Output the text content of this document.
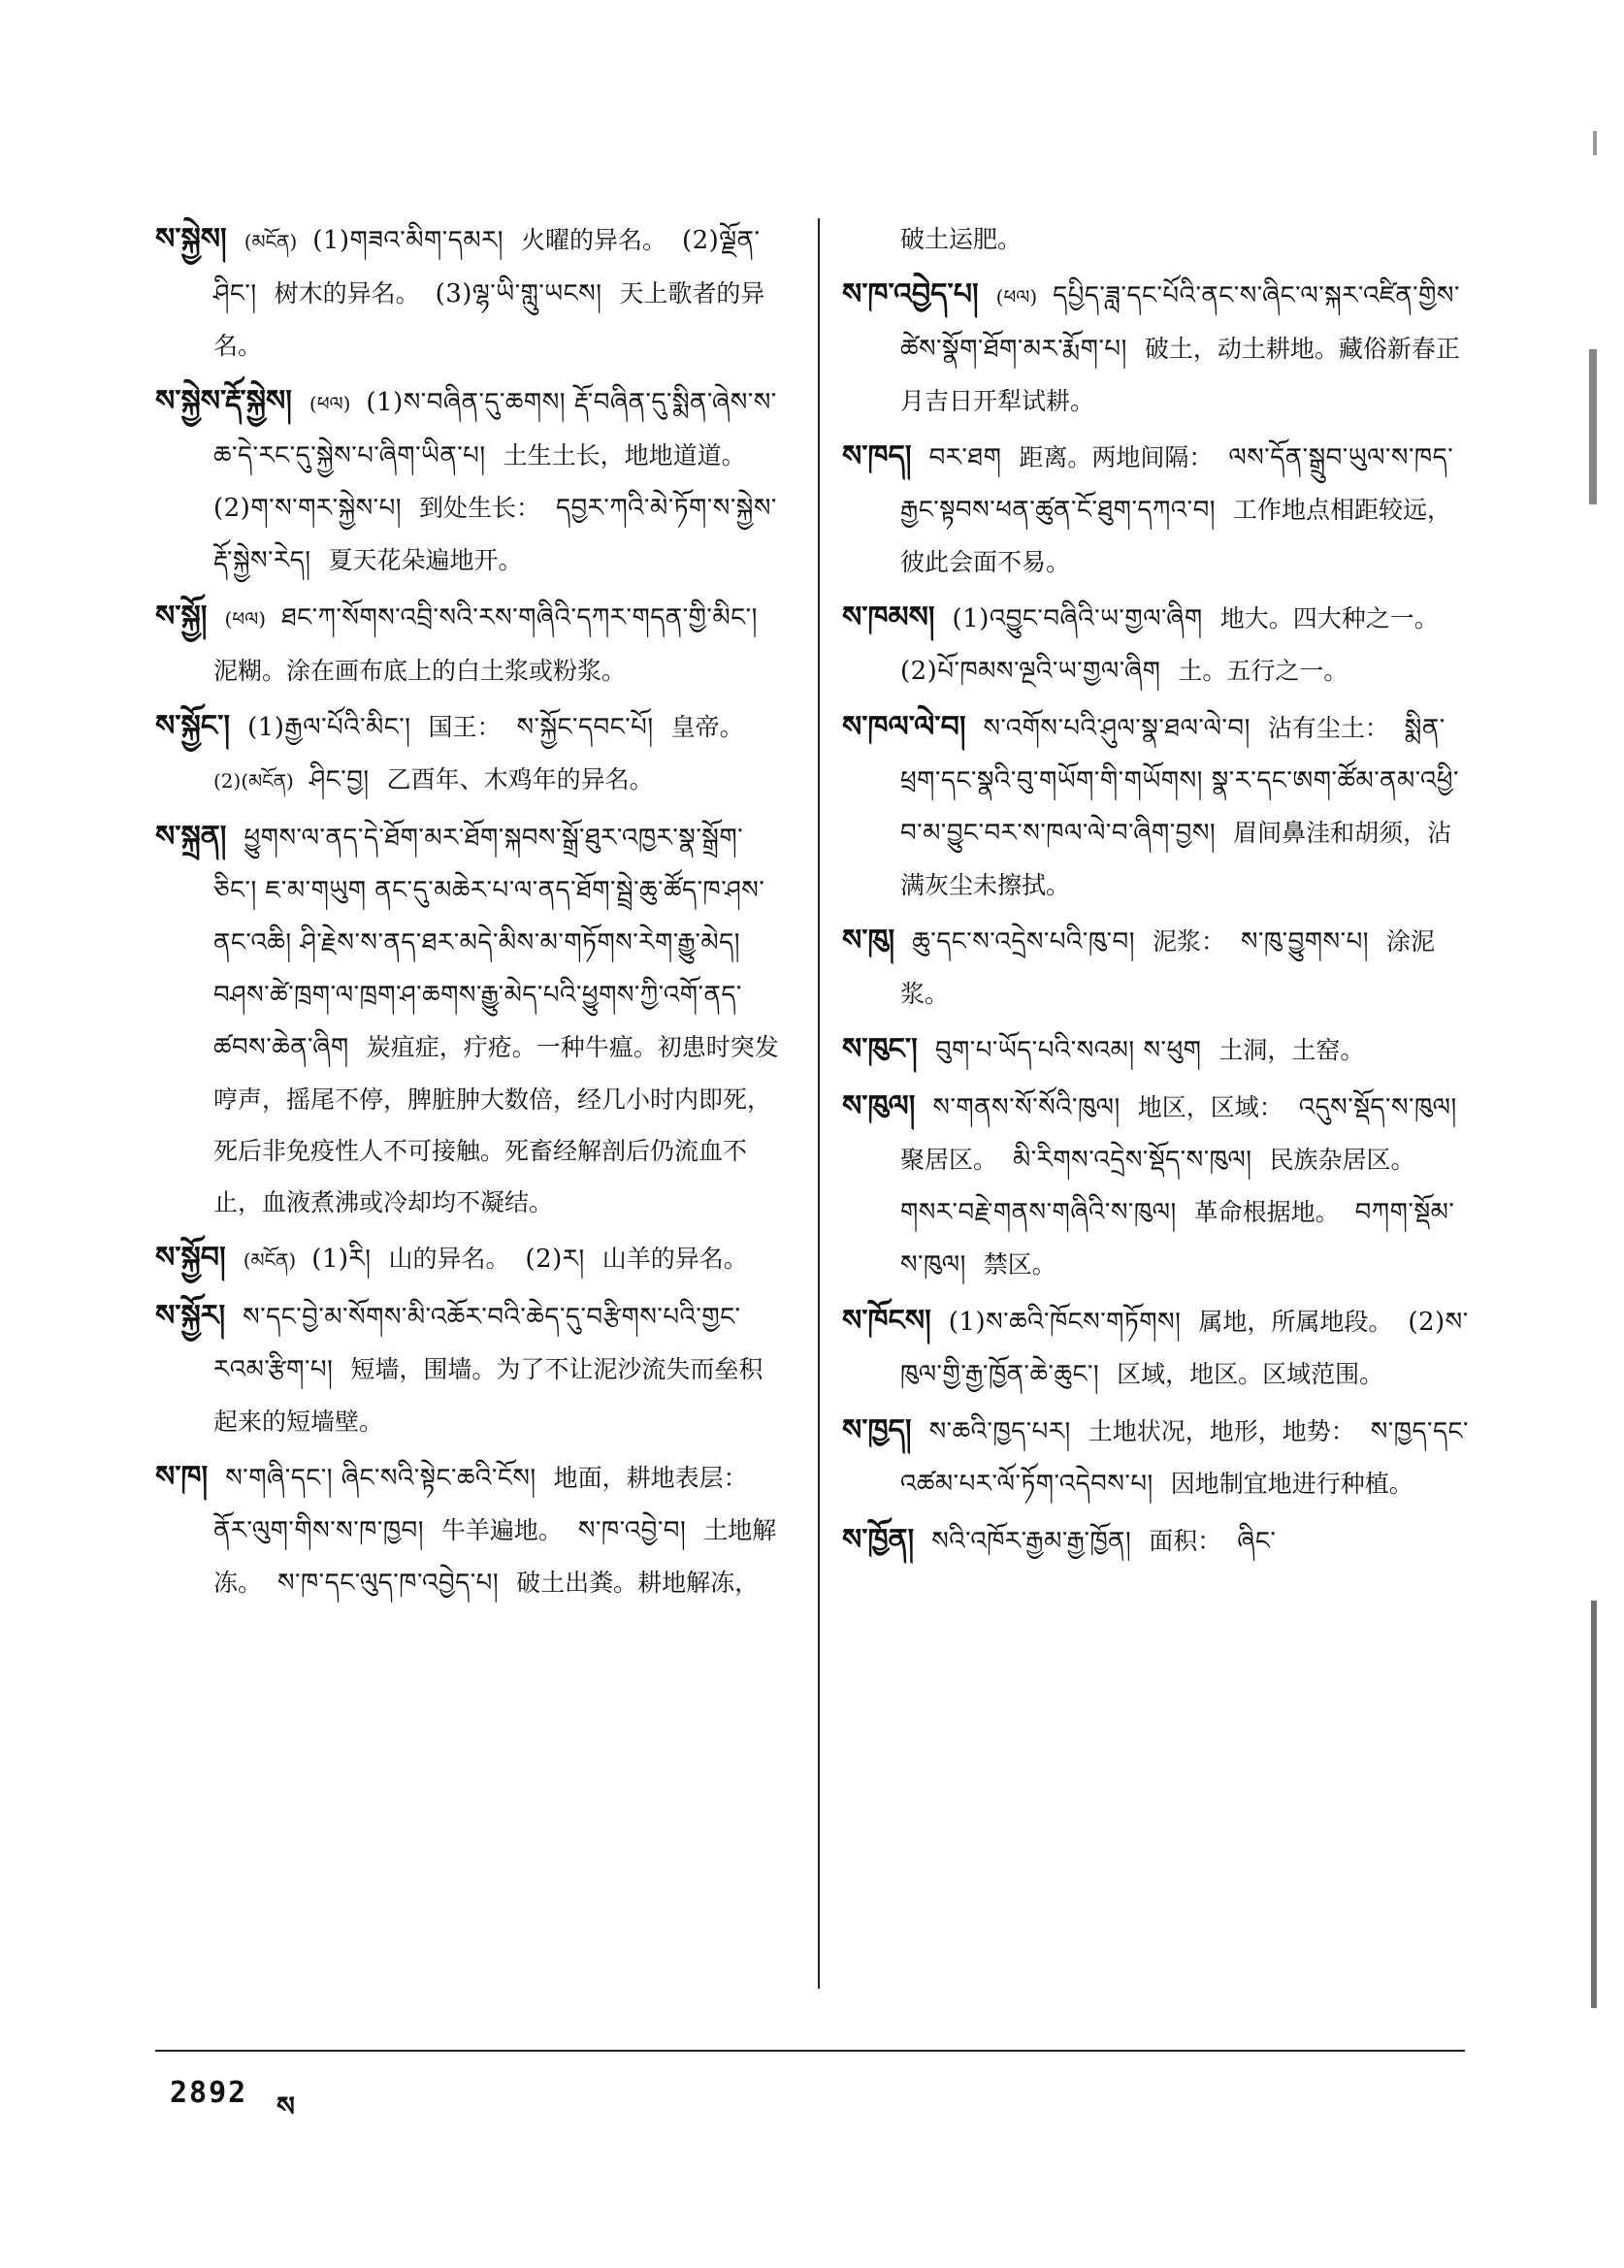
ས་སྐྱེས། (མངོན) (1)གཟའ་མིག་དམར། 火曜的异名。 (2)ལྗོན་ཤིང་། 树木的异名。 (3)ལྷ་ཡི་གླུ་ཡངས། 天上歌者的异名。
ས་སྐྱེས་རྡོ་སྐྱེས། (ཕལ) (1)ས་བཞིན་དུ་ཆགས། རྡོ་བཞིན་དུ་སྨིན་ཞེས་ས་ཆ་དེ་རང་དུ་སྐྱེས་པ་ཞིག་ཡིན་པ། 土生土长，地地道道。 (2)ག་ས་གར་སྐྱེས་པ། 到处生长： དབྱར་ཀའི་མེ་ཏོག་ས་སྐྱེས་རྡོ་སྐྱེས་རེད། 夏天花朵遍地开。
ས་སྐྱོ། (ཕལ) ཐང་ཀ་སོགས་འབྲི་སའི་རས་གཞིའི་དཀར་གདན་གྱི་མིང་། 泥糊。涂在画布底上的白土浆或粉浆。
ས་སྐྱོང་། (1)རྒྱལ་པོའི་མིང་། 国王： ས་སྐྱོང་དབང་པོ། 皇帝。 (2)(མངོན) ཤིང་བྱ། 乙酉年、木鸡年的异名。
ས་སྐྲན། ཕྱུགས་ལ་ནད་དེ་ཐོག་མར་ཐོག་སྐབས་སྒྲོ་ཐུར་འཁྱར་སྣ་སྒྲོག་ཅིང་། ཇ་མ་གཡུག ནང་དུ་མཆེར་པ་ལ་ནད་ཐོག་སྦྲེ་ཆུ་ཚོད་ཁ་ཤས་ནང་འཆི། ཤི་རྗེས་ས་ནད་ཐར་མདེ་མིས་མ་གཏོགས་རེག་རྒྱུ་མེད། བཤས་ཚེ་ཁྲག་ལ་ཁྲག་ཤ་ཆགས་རྒྱུ་མེད་པའི་ཕྱུགས་ཀྱི་འགོ་ནད་ཚབས་ཆེན་ཞིག 炭疽症，疔疮。一种牛瘟。初患时突发哼声，摇尾不停，脾脏肿大数倍，经几小时内即死，死后非免疫性人不可接触。死畜经解剖后仍流血不止，血液煮沸或冷却均不凝结。
ས་སྐྱོབ། (མངོན) (1)རི། 山的异名。 (2)ར། 山羊的异名。
ས་སྐྱོར། ས་དང་བྱེ་མ་སོགས་མི་འཆོར་བའི་ཆེད་དུ་བརྩིགས་པའི་གྱང་རའམ་རྩིག་པ། 短墙，围墙。为了不让泥沙流失而垒积起来的短墙壁。
ས་ཁ། ས་གཞི་དང་། ཞིང་སའི་སྟེང་ཆའི་ངོས། 地面，耕地表层： ནོར་ལུག་གིས་ས་ཁ་ཁྱབ། 牛羊遍地。 ས་ཁ་འབྱེ་བ། 土地解冻。 ས་ཁ་དང་ལུད་ཁ་འབྱེད་པ། 破土出粪。耕地解冻，
破土运肥。
ས་ཁ་འབྱེད་པ། (ཕལ) དཔྱིད་ཟླ་དང་པོའི་ནང་ས་ཞིང་ལ་སྐར་འཛིན་གྱིས་ཚེས་སྣོག་ཐོག་མར་རྨོག་པ། 破土，动土耕地。藏俗新春正月吉日开犁试耕。
ས་ཁད། བར་ཐག 距离。两地间隔： ལས་དོན་སྒྲུབ་ཡུལ་ས་ཁད་རྒྱང་སྟབས་ཕན་ཚུན་ངོ་ཐུག་དཀའ་བ། 工作地点相距较远，彼此会面不易。
ས་ཁམས། (1)འབྱུང་བཞིའི་ཡ་གྱལ་ཞིག 地大。四大种之一。 (2)པོ་ཁམས་ལྔའི་ཡ་གྱལ་ཞིག 土。五行之一。
ས་ཁལ་ལེ་བ། ས་འགོས་པའི་ཤུལ་སྣ་ཐལ་ལེ་བ། 沾有尘土： སྨིན་ཕྲག་དང་སྣའི་བུ་གཡོག་གི་གཡོགས། སྣ་ར་དང་ཨག་ཚོམ་ནམ་འཕྱི་བ་མ་བྱུང་བར་ས་ཁལ་ལེ་བ་ཞིག་བྱས། 眉间鼻洼和胡须，沾满灰尘未擦拭。
ས་ཁུ། ཆུ་དང་ས་འདྲེས་པའི་ཁུ་བ། 泥浆： ས་ཁུ་བྱུགས་པ། 涂泥浆。
ས་ཁུང་། བུག་པ་ཡོད་པའི་སའམ། ས་ཕུག 土洞，土窑。
ས་ཁུལ། ས་གནས་སོ་སོའི་ཁུལ། 地区，区域： འདུས་སྡོད་ས་ཁུལ། 聚居区。 མི་རིགས་འདྲེས་སྡོད་ས་ཁུལ། 民族杂居区。 གསར་བརྗེ་གནས་གཞིའི་ས་ཁུལ། 革命根据地。 བཀག་སྡོམ་ས་ཁུལ། 禁区。
ས་ཁོངས། (1)ས་ཆའི་ཁོངས་གཏོགས། 属地，所属地段。 (2)ས་ཁུལ་གྱི་རྒྱ་ཁྱོན་ཆེ་ཆུང་། 区域，地区。区域范围。
ས་ཁྱད། ས་ཆའི་ཁྱད་པར། 土地状况，地形，地势： ས་ཁྱད་དང་འཚམ་པར་ལོ་ཏོག་འདེབས་པ། 因地制宜地进行种植。
ས་ཁྱོན། སའི་འཁོར་རྒྱམ་རྒྱ་ཁྱོན། 面积： ཞིང་
2892 ས
